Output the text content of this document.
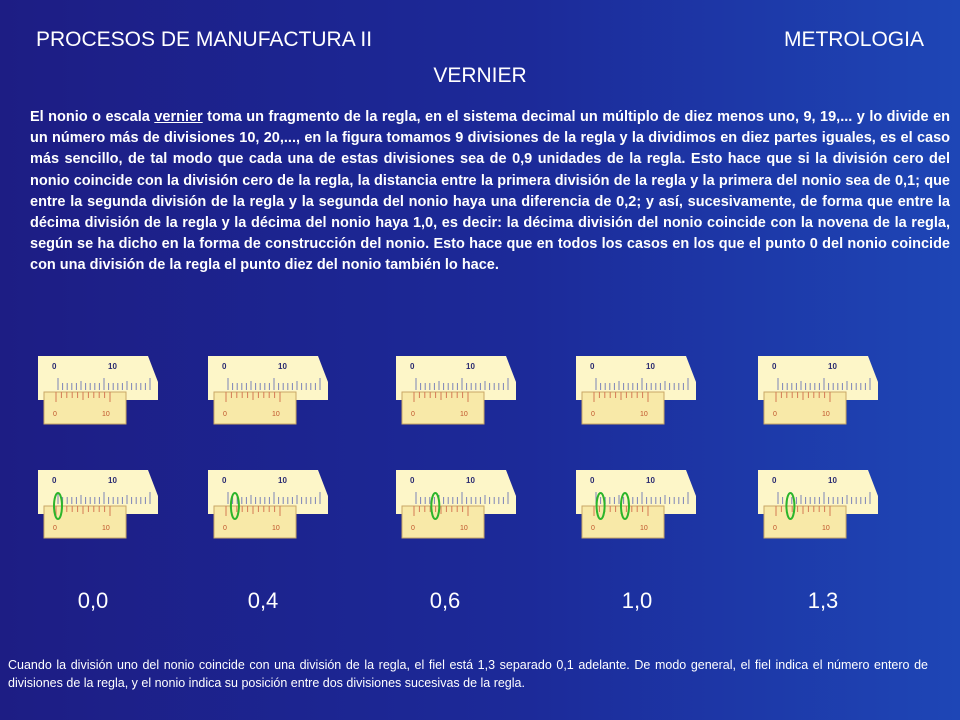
PROCESOS DE MANUFACTURA II	METROLOGIA
VERNIER
El nonio o escala vernier toma un fragmento de la regla, en el sistema decimal un múltiplo de diez menos uno, 9, 19,... y lo divide en un número más de divisiones 10, 20,..., en la figura tomamos 9 divisiones de la regla y la dividimos en diez partes iguales, es el caso más sencillo, de tal modo que cada una de estas divisiones sea de 0,9 unidades de la regla. Esto hace que si la división cero del nonio coincide con la división cero de la regla, la distancia entre la primera división de la regla y la primera del nonio sea de 0,1; que entre la segunda división de la regla y la segunda del nonio haya una diferencia de 0,2; y así, sucesivamente, de forma que entre la décima división de la regla y la décima del nonio haya 1,0, es decir: la décima división del nonio coincide con la novena de la regla, según se ha dicho en la forma de construcción del nonio. Esto hace que en todos los casos en los que el punto 0 del nonio coincide con una división de la regla el punto diez del nonio también lo hace.
0	10
0	10
0	10
0	10
0	10
0	10
0	10
0	10
0	10
0	10
0	10
0	10
0	10
0	10
0	10
0	10
0	10
0	10
0	10
0	10
0,0	0,4	0,6	1,0	1,3
Cuando la división uno del nonio coincide con una división de la regla, el fiel está 1,3 separado 0,1 adelante. De modo general, el fiel indica el número entero de divisiones de la regla, y el nonio indica su posición entre dos divisiones sucesivas de la regla.
